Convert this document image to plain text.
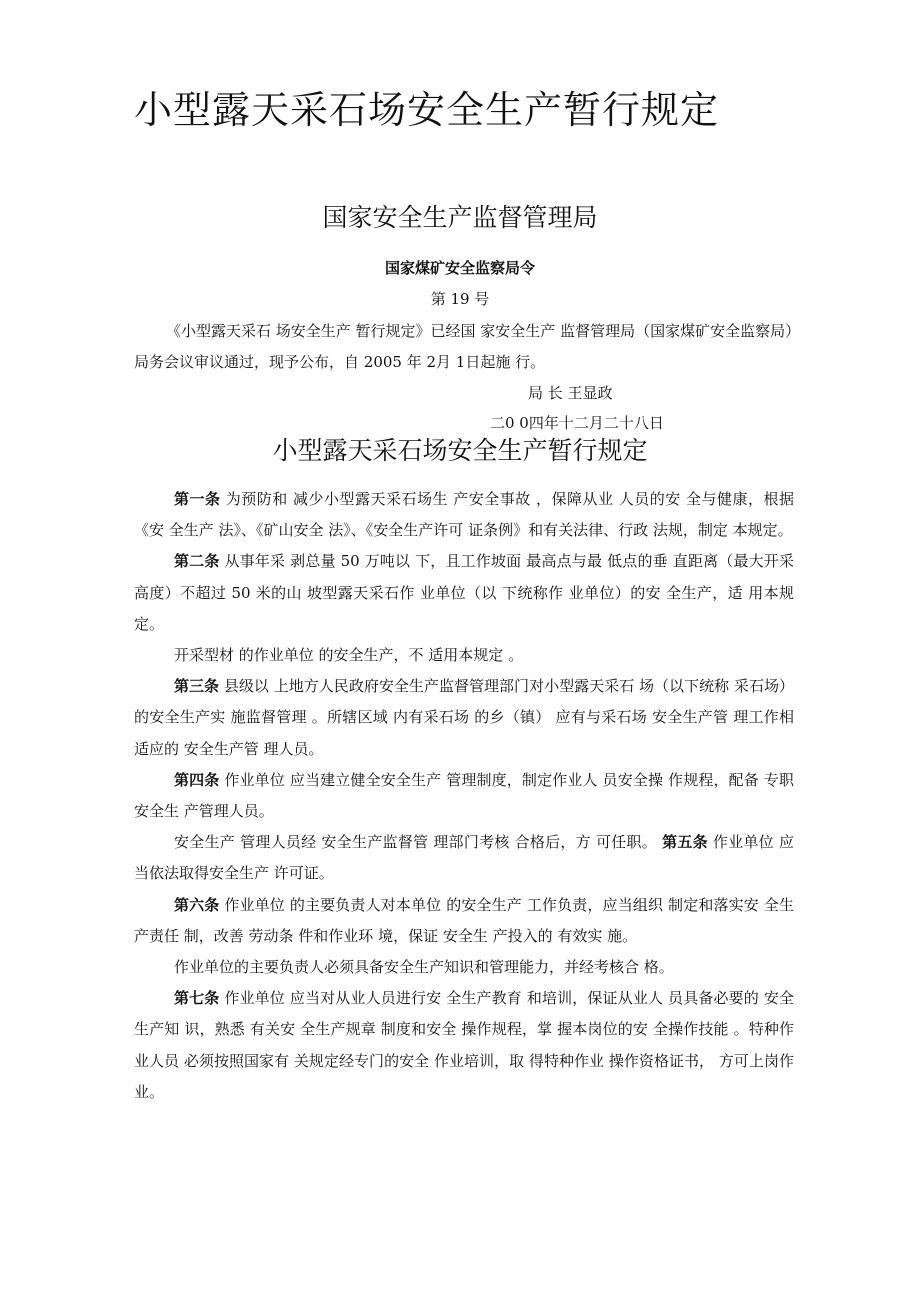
小型露天采石场安全生产暂行规定
国家安全生产监督管理局
国家煤矿安全监察局令
第 19 号

《小型露天采石 场安全生产 暂行规定》已经国 家安全生产 监督管理局（国家煤矿安全监察局）局务会议审议通过，现予公布，自 2005 年 2月 1日起施 行。

局 长 王显政
二0 0四年十二月二十八日
小型露天采石场安全生产暂行规定

第一条 为预防和 减少小型露天采石场生 产安全事故 ，保障从业 人员的安 全与健康，根据《安 全生产 法》、《矿山安全 法》、《安全生产许可 证条例》和有关法律、行政 法规，制定 本规定。

第二条 从事年采 剥总量 50 万吨以 下，且工作坡面 最高点与最 低点的垂 直距离（最大开采 高度）不超过 50 米的山 坡型露天采石作 业单位（以 下统称作 业单位）的安 全生产，适 用本规定。

开采型材 的作业单位 的安全生产，不 适用本规定 。

第三条 县级以 上地方人民政府安全生产监督管理部门对小型露天采石 场（以下统称 采石场）的安全生产实 施监督管理 。所辖区域 内有采石场 的乡（镇） 应有与采石场 安全生产管 理工作相适应的 安全生产管 理人员。

第四条 作业单位 应当建立健全安全生产 管理制度，制定作业人 员安全操 作规程，配备 专职安全生 产管理人员。

安全生产 管理人员经 安全生产监督管 理部门考核 合格后，方 可任职。 第五条 作业单位 应当依法取得安全生产 许可证。

第六条 作业单位 的主要负责人对本单位 的安全生产 工作负责，应当组织 制定和落实安 全生产责任 制，改善 劳动条 件和作业环 境，保证 安全生 产投入的 有效实 施。

作业单位的主要负责人必须具备安全生产知识和管理能力，并经考核合 格。

第七条 作业单位 应当对从业人员进行安 全生产教育 和培训，保证从业人 员具备必要的 安全生产知 识，熟悉 有关安 全生产规章 制度和安全 操作规程，掌 握本岗位的安 全操作技能 。特种作业人员 必须按照国家有 关规定经专门的安全 作业培训，取 得特种作业 操作资格证书， 方可上岗作 业。
